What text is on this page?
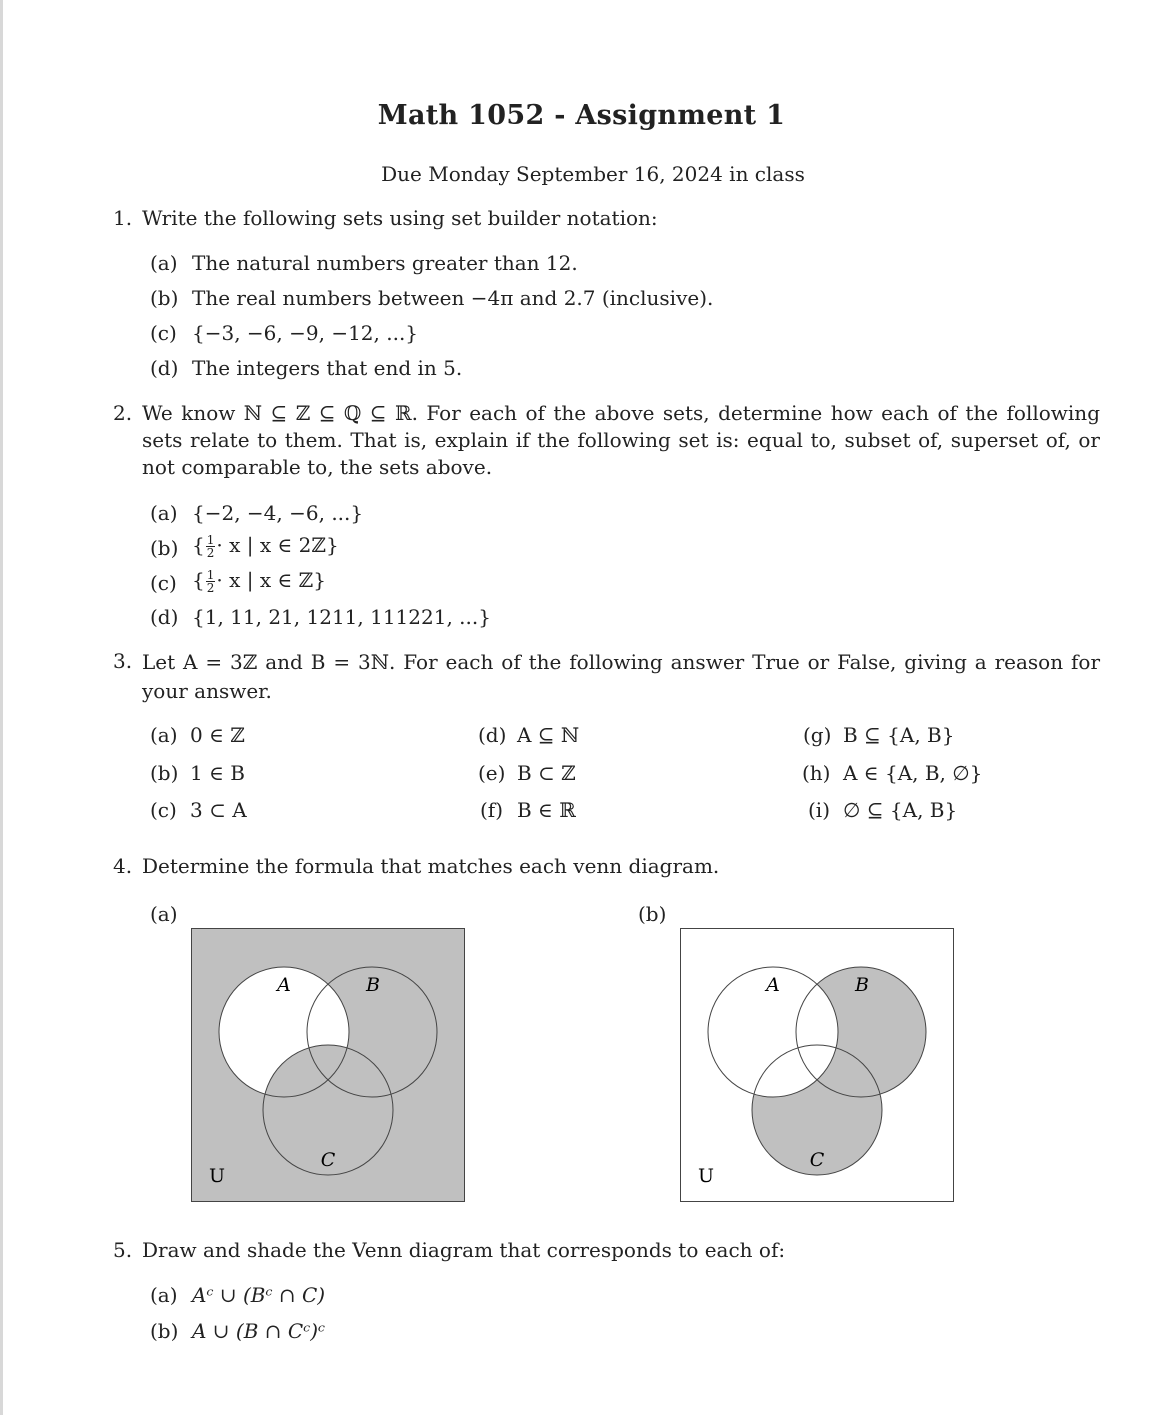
Math 1052 - Assignment 1
Due Monday September 16, 2024 in class
1. Write the following sets using set builder notation:
(a) The natural numbers greater than 12.
(b) The real numbers between −4π and 2.7 (inclusive).
(c) {−3, −6, −9, −12, ...}
(d) The integers that end in 5.
2. We know ℕ ⊆ ℤ ⊆ ℚ ⊆ ℝ. For each of the above sets, determine how each of the following sets relate to them. That is, explain if the following set is: equal to, subset of, superset of, or not comparable to, the sets above.
(a) {−2, −4, −6, ...}
(b) { $\frac{1}{2} \cdot x$ | x ∈ 2ℤ}
(c) { $\frac{1}{2} \cdot x$ | x ∈ ℤ}
(d) {1, 11, 21, 1211, 111221, ...}
3. Let A = 3ℤ and B = 3ℕ. For each of the following answer True or False, giving a reason for your answer.
(a) 0 ∈ ℤ
(b) 1 ∈ B
(c) 3 ⊂ A
(d) A ⊆ ℕ
(e) B ⊂ ℤ
(f) B ∈ ℝ
(g) B ⊆ {A, B}
(h) A ∈ {A, B, ∅}
(i) ∅ ⊆ {A, B}
4. Determine the formula that matches each venn diagram.
(a)	(b)
A	B
C
U
A	B
C
U
5. Draw and shade the Venn diagram that corresponds to each of:
(a) Aᶜ ∪ (Bᶜ ∩ C)
(b) A ∪ (B ∩ Cᶜ)ᶜ
